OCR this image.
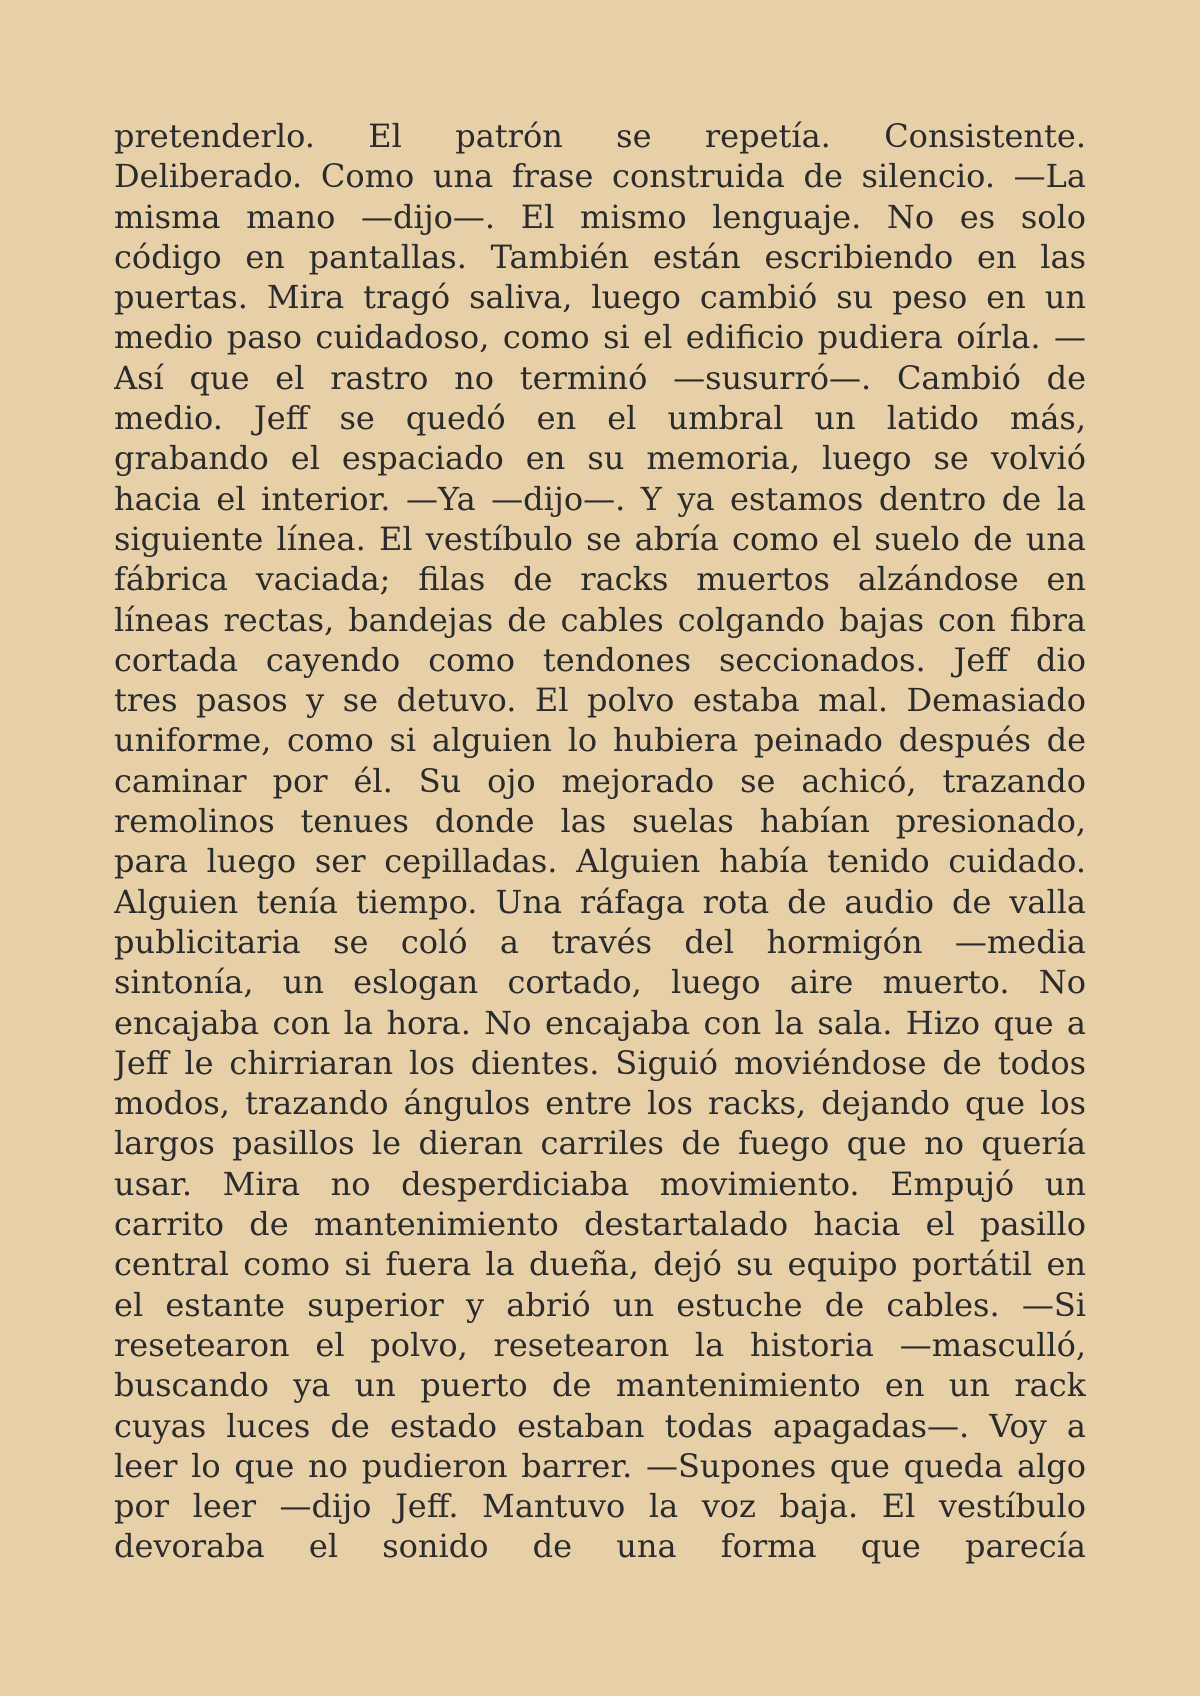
pretenderlo. El patrón se repetía. Consistente.
Deliberado. Como una frase construida de silencio. —La
misma mano —dijo—. El mismo lenguaje. No es solo
código en pantallas. También están escribiendo en las
puertas. Mira tragó saliva, luego cambió su peso en un
medio paso cuidadoso, como si el edificio pudiera oírla. —
Así que el rastro no terminó —susurró—. Cambió de
medio. Jeff se quedó en el umbral un latido más,
grabando el espaciado en su memoria, luego se volvió
hacia el interior. —Ya —dijo—. Y ya estamos dentro de la
siguiente línea. El vestíbulo se abría como el suelo de una
fábrica vaciada; filas de racks muertos alzándose en
líneas rectas, bandejas de cables colgando bajas con fibra
cortada cayendo como tendones seccionados. Jeff dio
tres pasos y se detuvo. El polvo estaba mal. Demasiado
uniforme, como si alguien lo hubiera peinado después de
caminar por él. Su ojo mejorado se achicó, trazando
remolinos tenues donde las suelas habían presionado,
para luego ser cepilladas. Alguien había tenido cuidado.
Alguien tenía tiempo. Una ráfaga rota de audio de valla
publicitaria se coló a través del hormigón —media
sintonía, un eslogan cortado, luego aire muerto. No
encajaba con la hora. No encajaba con la sala. Hizo que a
Jeff le chirriaran los dientes. Siguió moviéndose de todos
modos, trazando ángulos entre los racks, dejando que los
largos pasillos le dieran carriles de fuego que no quería
usar. Mira no desperdiciaba movimiento. Empujó un
carrito de mantenimiento destartalado hacia el pasillo
central como si fuera la dueña, dejó su equipo portátil en
el estante superior y abrió un estuche de cables. —Si
resetearon el polvo, resetearon la historia —masculló,
buscando ya un puerto de mantenimiento en un rack
cuyas luces de estado estaban todas apagadas—. Voy a
leer lo que no pudieron barrer. —Supones que queda algo
por leer —dijo Jeff. Mantuvo la voz baja. El vestíbulo
devoraba el sonido de una forma que parecía
